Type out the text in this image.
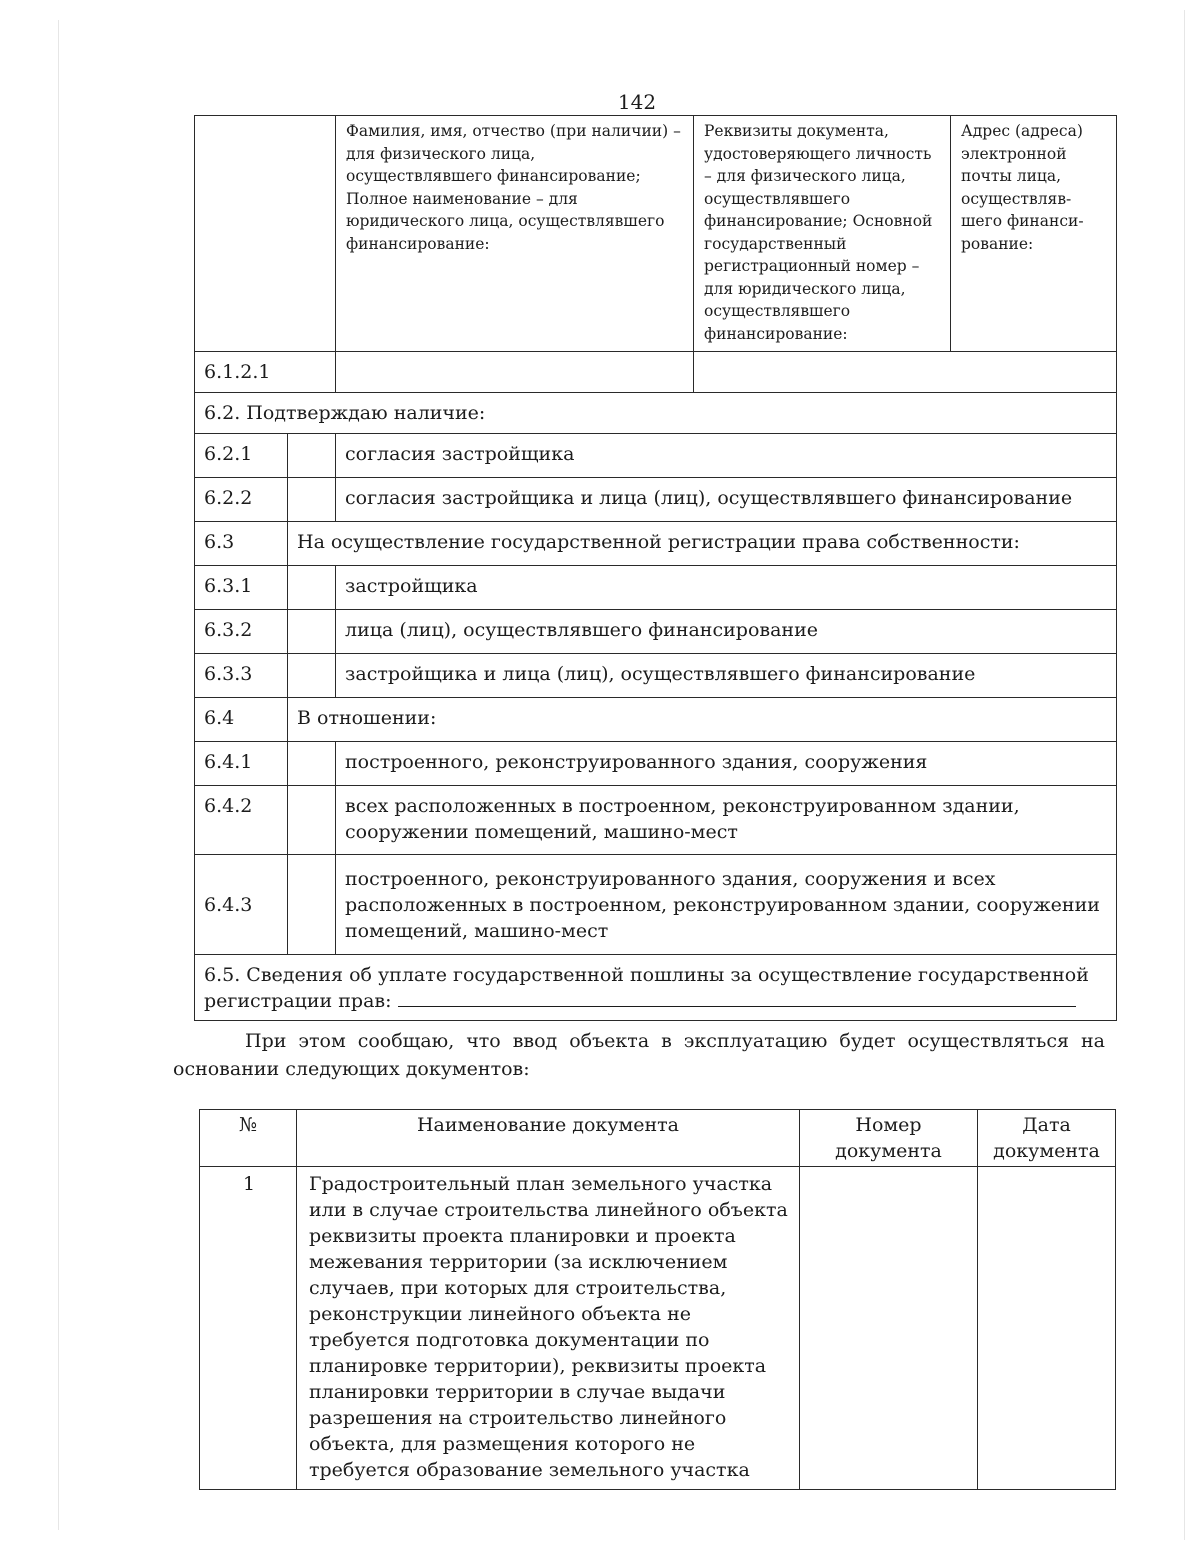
142
		Фамилия, имя, отчество (при наличии) – для физического лица, осуществлявшего финансирование; Полное наименование – для юридического лица, осуществлявшего финансирование:	Реквизиты документа, удостоверяющего личность – для физического лица, осуществлявшего финансирование; Основной государственный регистрационный номер – для юридического лица, осуществлявшего финансирование:	Адрес (адреса) электронной почты лица, осуществляв-шего финанси-рование:
6.1.2.1				
6.2. Подтверждаю наличие:				
6.2.1		согласия застройщика		
6.2.2		согласия застройщика и лица (лиц), осуществлявшего финансирование		
6.3	На осуществление государственной регистрации права собственности:			
6.3.1		застройщика		
6.3.2		лица (лиц), осуществлявшего финансирование		
6.3.3		застройщика и лица (лиц), осуществлявшего финансирование		
6.4	В отношении:			
6.4.1		построенного, реконструированного здания, сооружения		
6.4.2		всех расположенных в построенном, реконструированном здании, сооружении помещений, машино-мест		
6.4.3		построенного, реконструированного здания, сооружения и всех расположенных в построенном, реконструированном здании, сооружении помещений, машино-мест		
6.5. Сведения об уплате государственной пошлины за осуществление государственной регистрации прав:				
При этом сообщаю, что ввод объекта в эксплуатацию будет осуществляться на основании следующих документов:
№	Наименование документа	Номер документа	Дата документа
1	Градостроительный план земельного участка или в случае строительства линейного объекта реквизиты проекта планировки и проекта межевания территории (за исключением случаев, при которых для строительства, реконструкции линейного объекта не требуется подготовка документации по планировке территории), реквизиты проекта планировки территории в случае выдачи разрешения на строительство линейного объекта, для размещения которого не требуется образование земельного участка		
